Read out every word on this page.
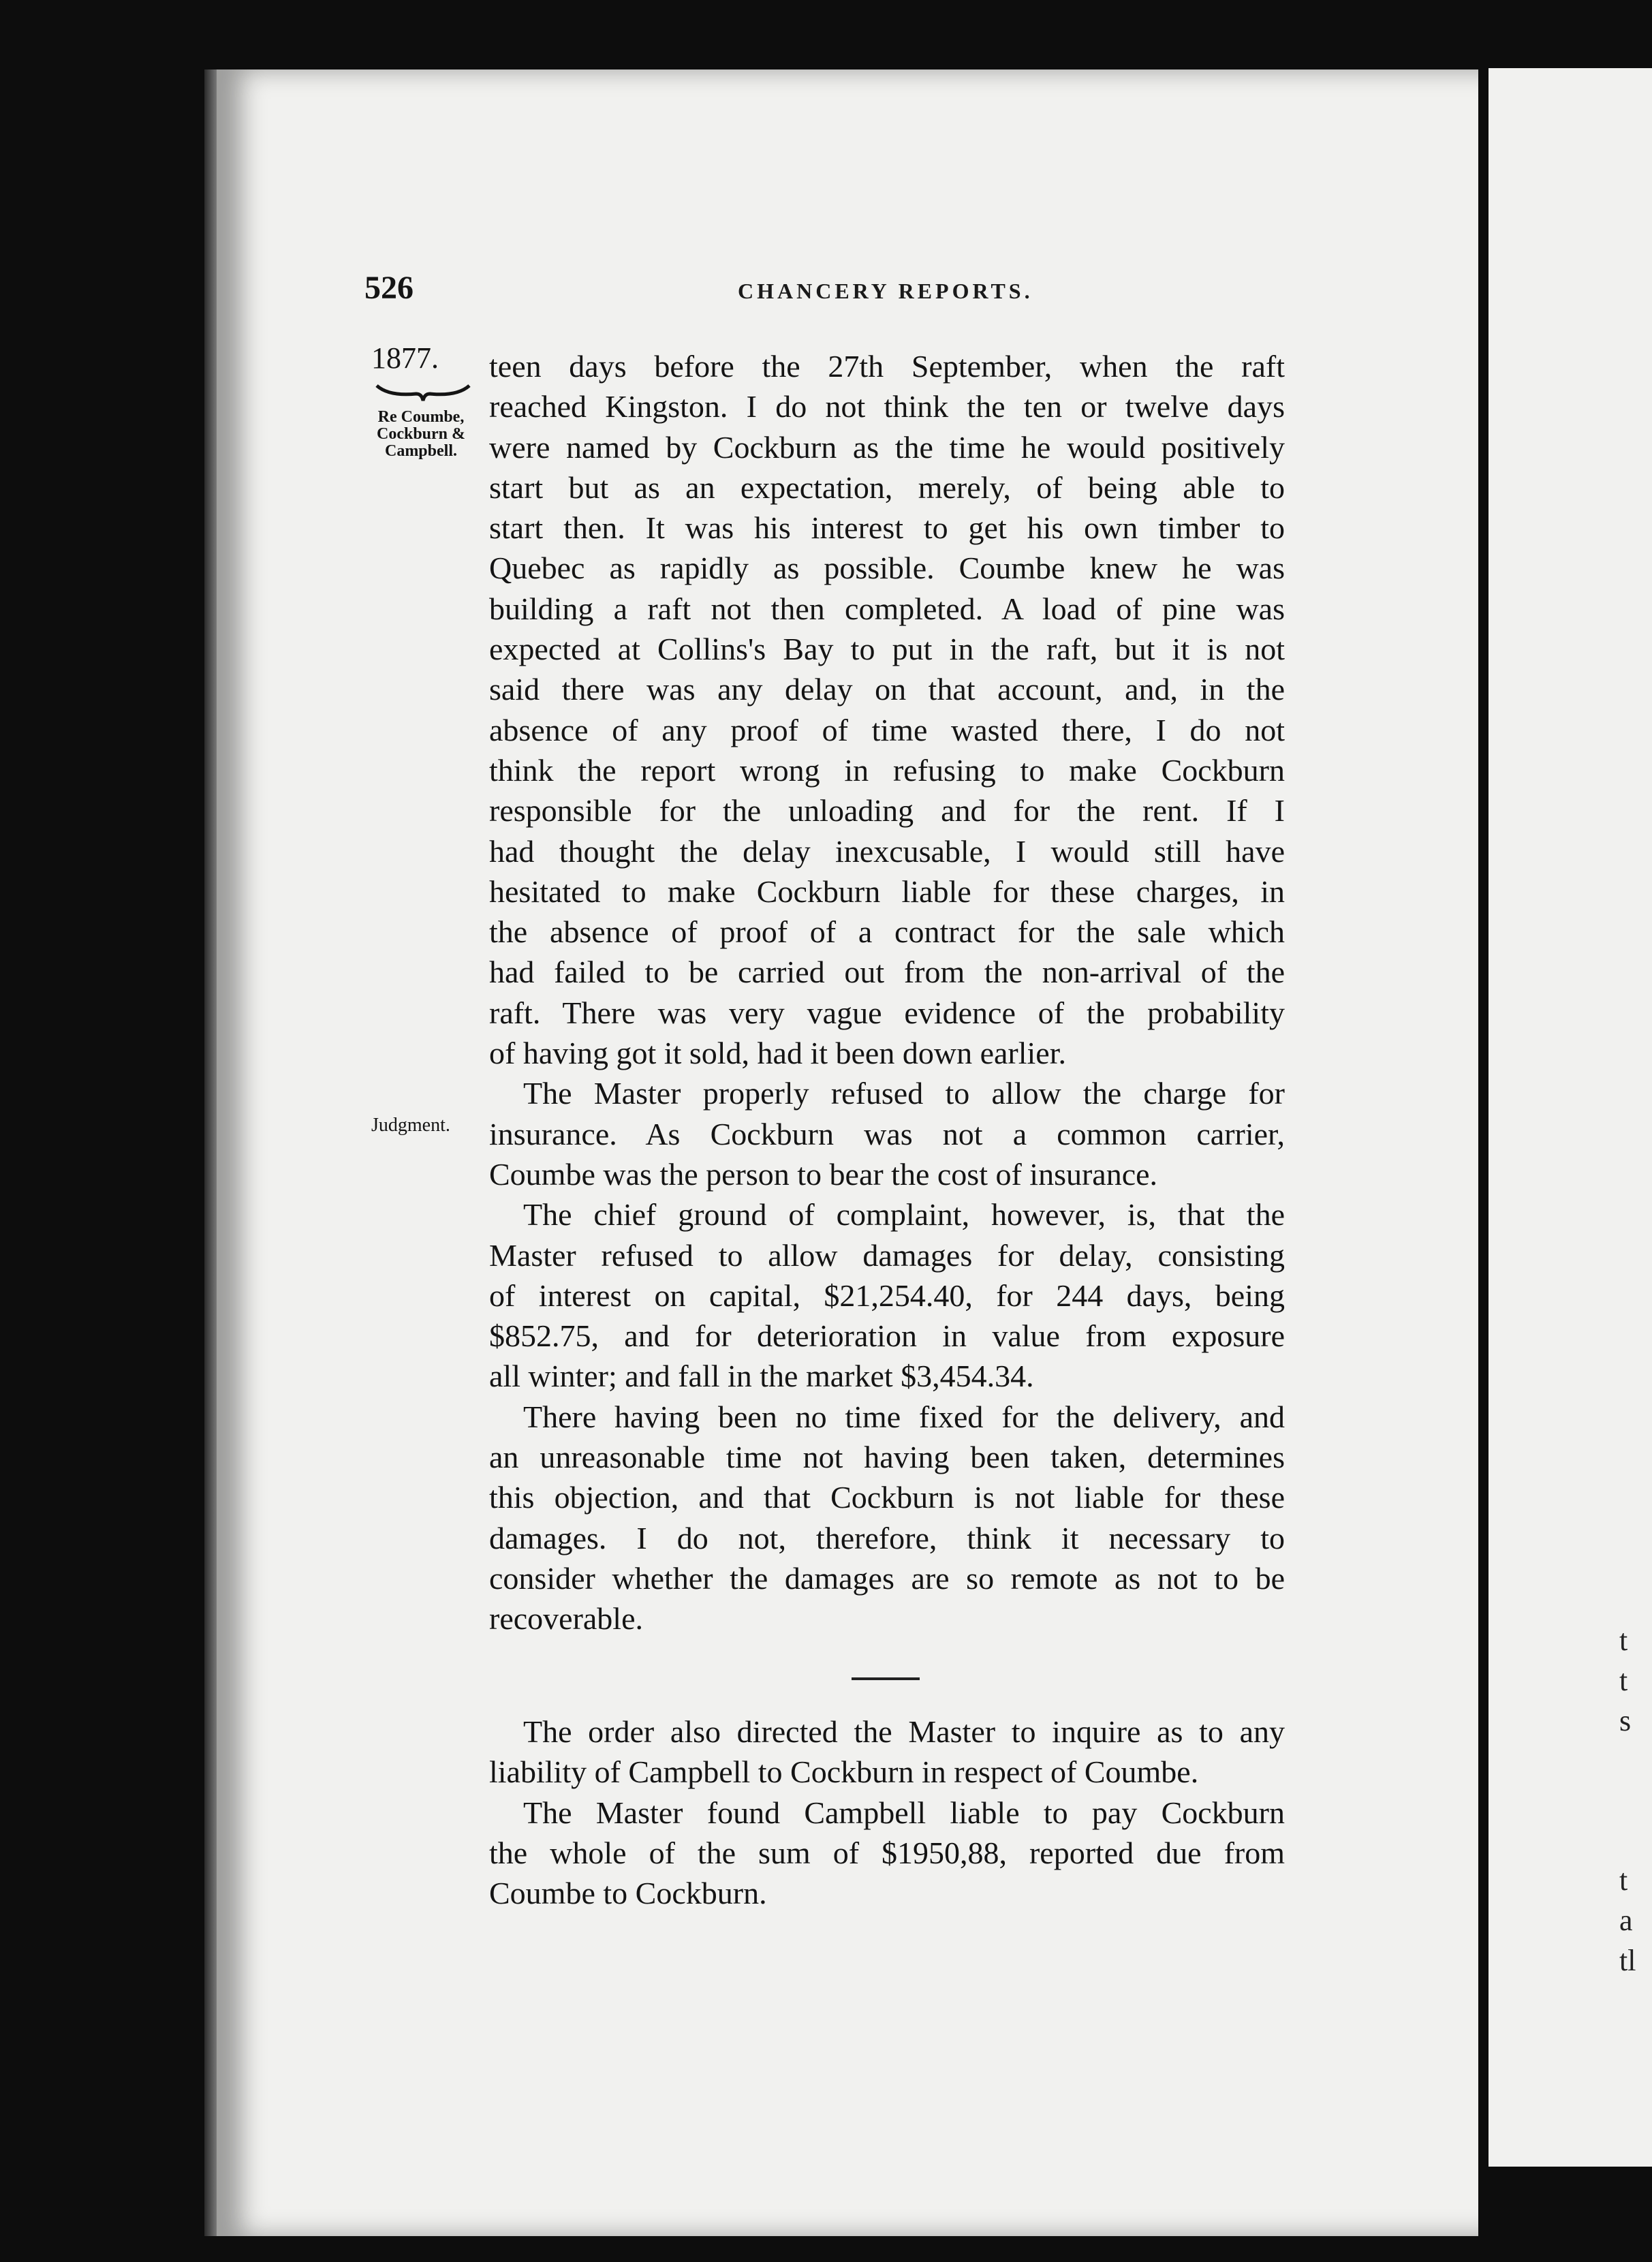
t
t
s
t
a
tl
526	CHANCERY REPORTS.
1877.
Re Coumbe,
Cockburn &
Campbell.
Judgment.
teen days before the 27th September, when the raft
reached Kingston. I do not think the ten or twelve days
were named by Cockburn as the time he would positively
start but as an expectation, merely, of being able to
start then. It was his interest to get his own timber to
Quebec as rapidly as possible. Coumbe knew he was
building a raft not then completed. A load of pine was
expected at Collins's Bay to put in the raft, but it is not
said there was any delay on that account, and, in the
absence of any proof of time wasted there, I do not
think the report wrong in refusing to make Cockburn
responsible for the unloading and for the rent. If I
had thought the delay inexcusable, I would still have
hesitated to make Cockburn liable for these charges, in
the absence of proof of a contract for the sale which
had failed to be carried out from the non-arrival of the
raft. There was very vague evidence of the probability
of having got it sold, had it been down earlier.
The Master properly refused to allow the charge for
insurance. As Cockburn was not a common carrier,
Coumbe was the person to bear the cost of insurance.
The chief ground of complaint, however, is, that the
Master refused to allow damages for delay, consisting
of interest on capital, $21,254.40, for 244 days, being
$852.75, and for deterioration in value from exposure
all winter; and fall in the market $3,454.34.
There having been no time fixed for the delivery, and
an unreasonable time not having been taken, determines
this objection, and that Cockburn is not liable for these
damages. I do not, therefore, think it necessary to
consider whether the damages are so remote as not to be
recoverable.
The order also directed the Master to inquire as to any
liability of Campbell to Cockburn in respect of Coumbe.
The Master found Campbell liable to pay Cockburn
the whole of the sum of $1950,88, reported due from
Coumbe to Cockburn.
